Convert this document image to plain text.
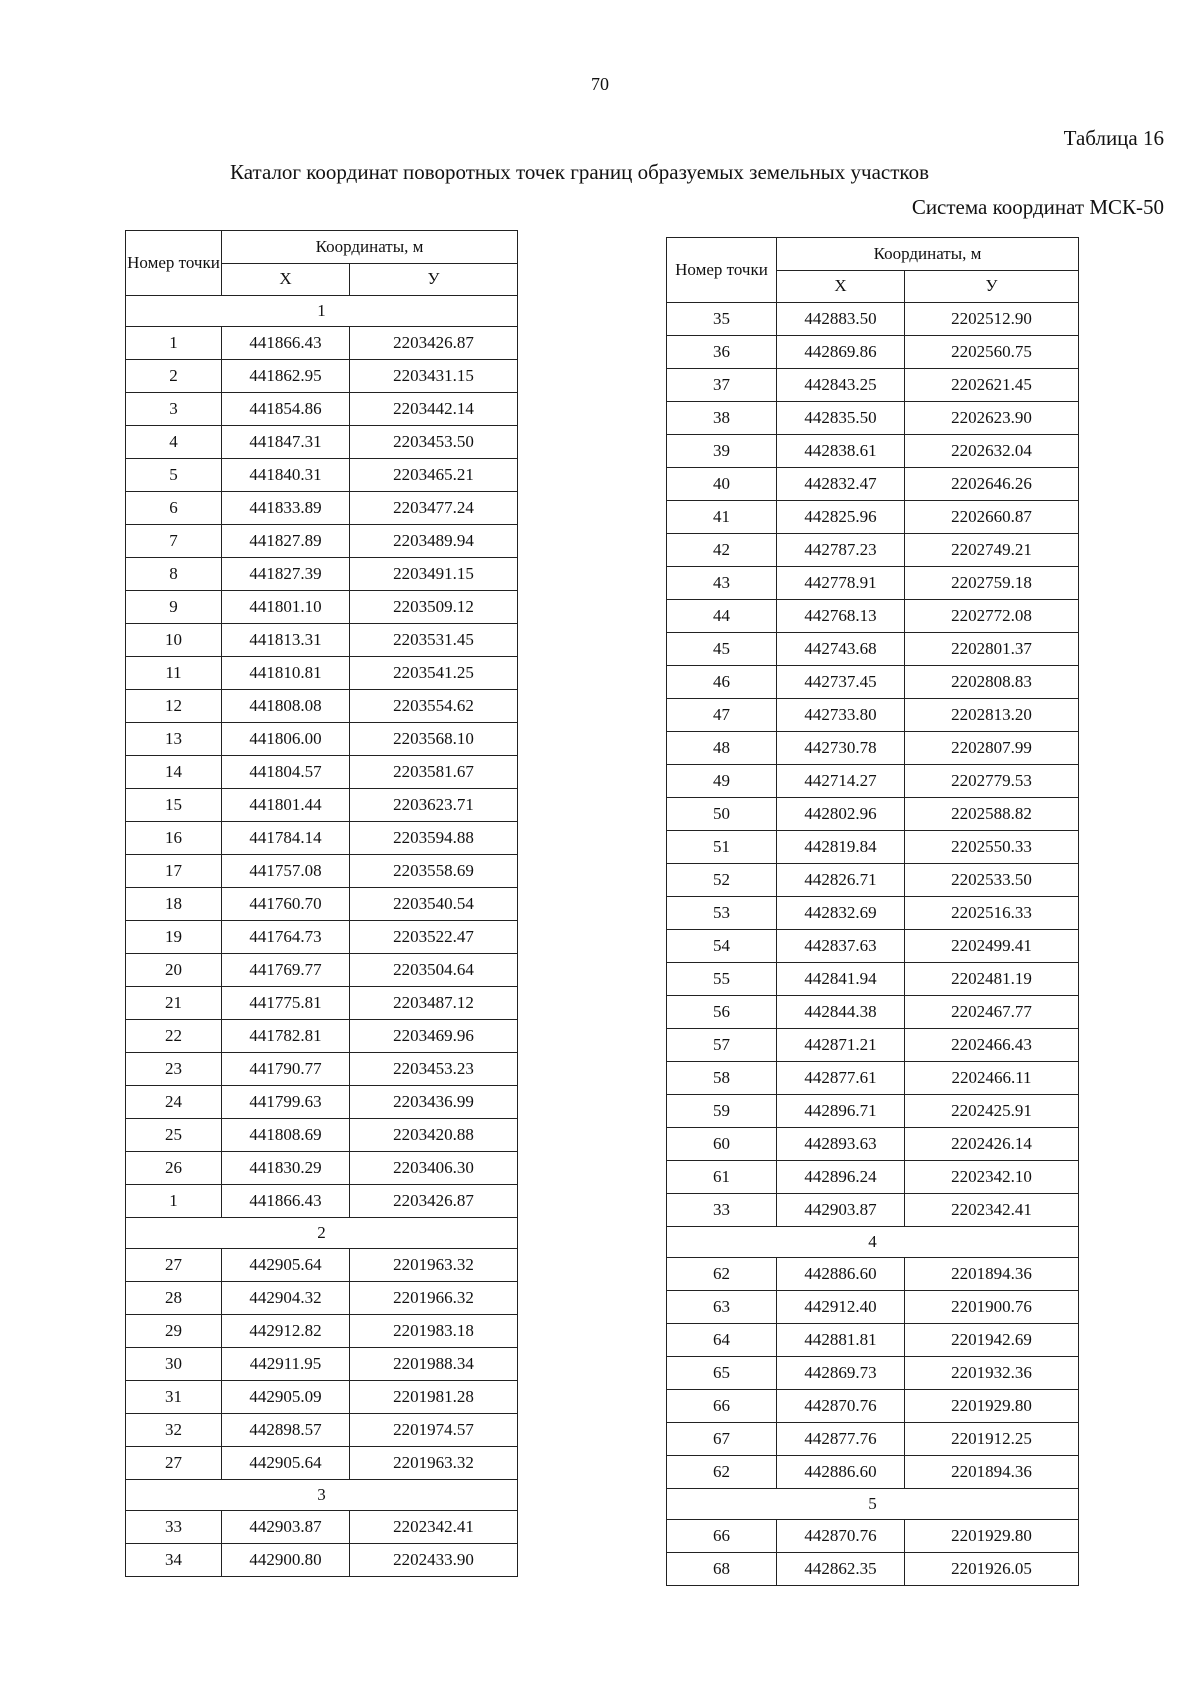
70
Таблица 16
Каталог координат поворотных точек границ образуемых земельных участков
Система координат МСК-50
Номер точки	Координаты, м	
	Х	У
1		
1	441866.43	2203426.87
2	441862.95	2203431.15
3	441854.86	2203442.14
4	441847.31	2203453.50
5	441840.31	2203465.21
6	441833.89	2203477.24
7	441827.89	2203489.94
8	441827.39	2203491.15
9	441801.10	2203509.12
10	441813.31	2203531.45
11	441810.81	2203541.25
12	441808.08	2203554.62
13	441806.00	2203568.10
14	441804.57	2203581.67
15	441801.44	2203623.71
16	441784.14	2203594.88
17	441757.08	2203558.69
18	441760.70	2203540.54
19	441764.73	2203522.47
20	441769.77	2203504.64
21	441775.81	2203487.12
22	441782.81	2203469.96
23	441790.77	2203453.23
24	441799.63	2203436.99
25	441808.69	2203420.88
26	441830.29	2203406.30
1	441866.43	2203426.87
2		
27	442905.64	2201963.32
28	442904.32	2201966.32
29	442912.82	2201983.18
30	442911.95	2201988.34
31	442905.09	2201981.28
32	442898.57	2201974.57
27	442905.64	2201963.32
3		
33	442903.87	2202342.41
34	442900.80	2202433.90
Номер точки	Координаты, м	
	Х	У
35	442883.50	2202512.90
36	442869.86	2202560.75
37	442843.25	2202621.45
38	442835.50	2202623.90
39	442838.61	2202632.04
40	442832.47	2202646.26
41	442825.96	2202660.87
42	442787.23	2202749.21
43	442778.91	2202759.18
44	442768.13	2202772.08
45	442743.68	2202801.37
46	442737.45	2202808.83
47	442733.80	2202813.20
48	442730.78	2202807.99
49	442714.27	2202779.53
50	442802.96	2202588.82
51	442819.84	2202550.33
52	442826.71	2202533.50
53	442832.69	2202516.33
54	442837.63	2202499.41
55	442841.94	2202481.19
56	442844.38	2202467.77
57	442871.21	2202466.43
58	442877.61	2202466.11
59	442896.71	2202425.91
60	442893.63	2202426.14
61	442896.24	2202342.10
33	442903.87	2202342.41
4		
62	442886.60	2201894.36
63	442912.40	2201900.76
64	442881.81	2201942.69
65	442869.73	2201932.36
66	442870.76	2201929.80
67	442877.76	2201912.25
62	442886.60	2201894.36
5		
66	442870.76	2201929.80
68	442862.35	2201926.05
